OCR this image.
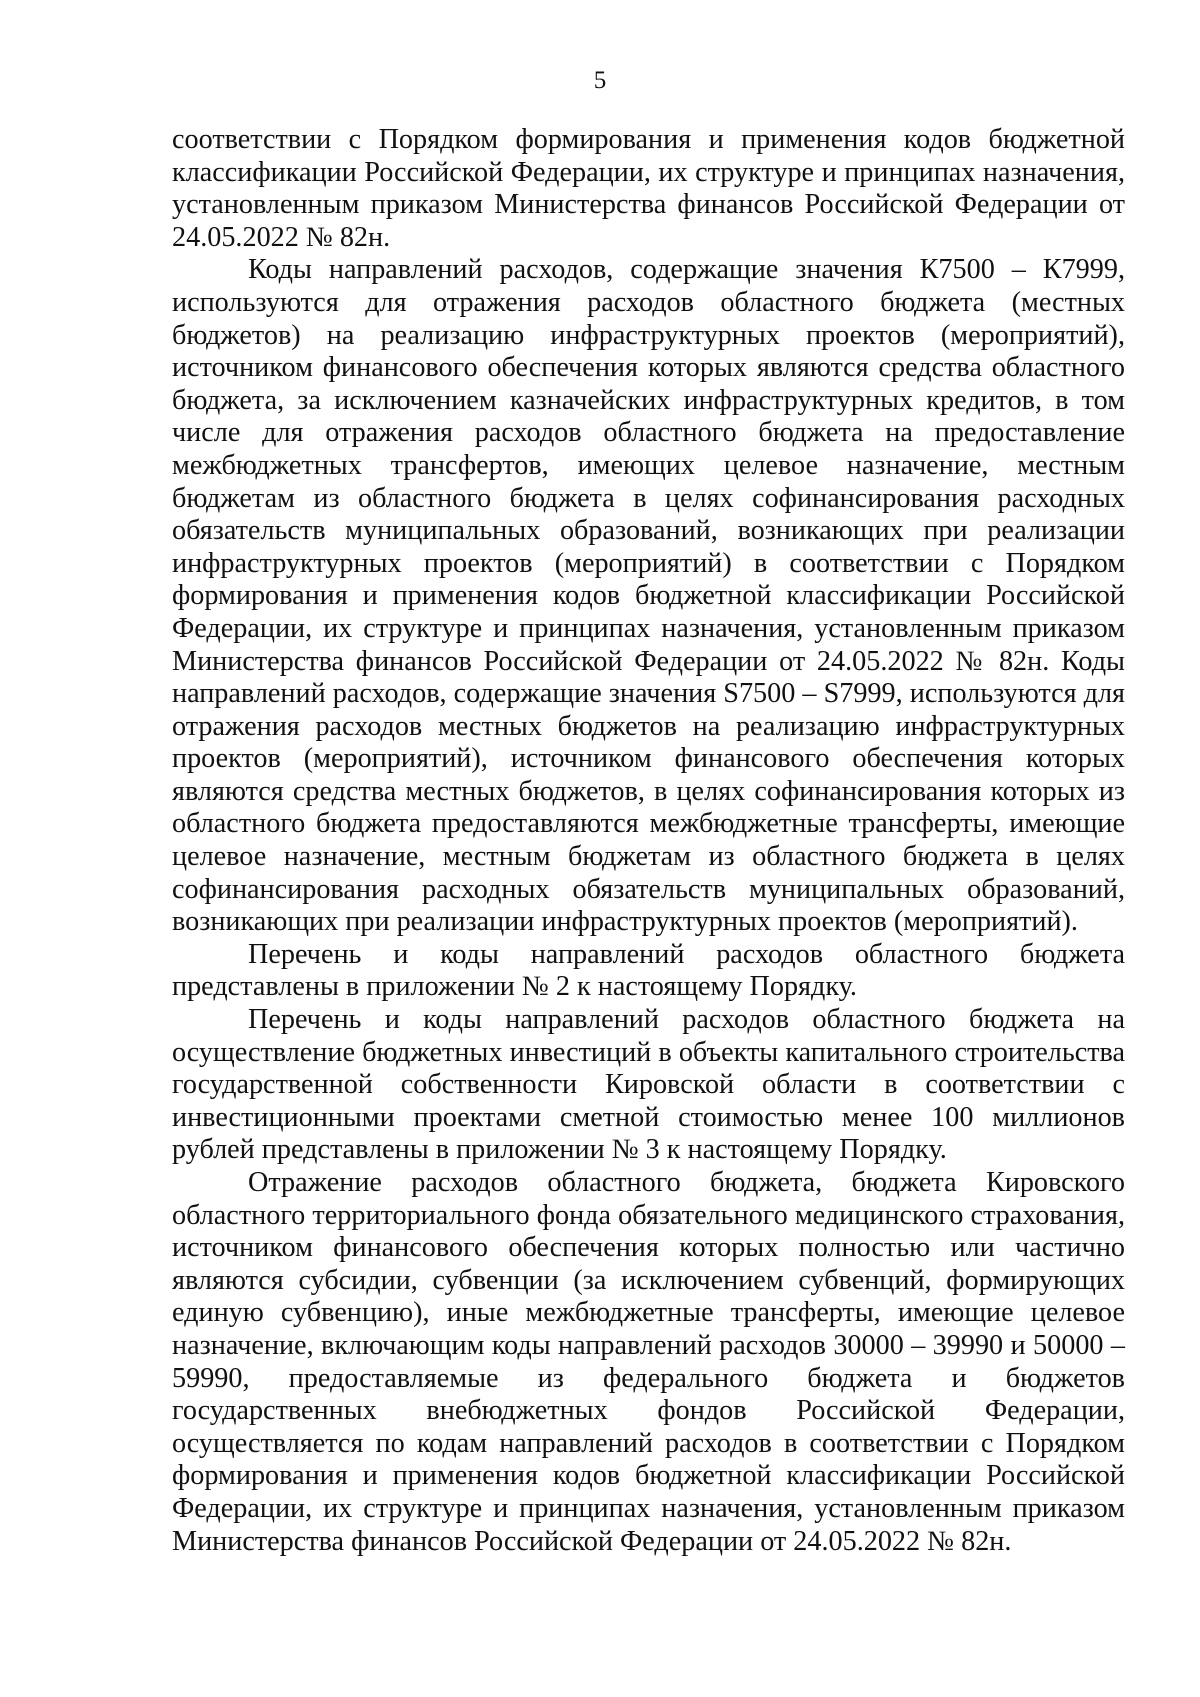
5

соответствии с Порядком формирования и применения кодов бюджетной классификации Российской Федерации, их структуре и принципах назначения, установленным приказом Министерства финансов Российской Федерации от 24.05.2022 № 82н.

Коды направлений расходов, содержащие значения К7500 – К7999, используются для отражения расходов областного бюджета (местных бюджетов) на реализацию инфраструктурных проектов (мероприятий), источником финансового обеспечения которых являются средства областного бюджета, за исключением казначейских инфраструктурных кредитов, в том числе для отражения расходов областного бюджета на предоставление межбюджетных трансфертов, имеющих целевое назначение, местным бюджетам из областного бюджета в целях софинансирования расходных обязательств муниципальных образований, возникающих при реализации инфраструктурных проектов (мероприятий) в соответствии с Порядком формирования и применения кодов бюджетной классификации Российской Федерации, их структуре и принципах назначения, установленным приказом Министерства финансов Российской Федерации от 24.05.2022 № 82н. Коды направлений расходов, содержащие значения S7500 – S7999, используются для отражения расходов местных бюджетов на реализацию инфраструктурных проектов (мероприятий), источником финансового обеспечения которых являются средства местных бюджетов, в целях софинансирования которых из областного бюджета предоставляются межбюджетные трансферты, имеющие целевое назначение, местным бюджетам из областного бюджета в целях софинансирования расходных обязательств муниципальных образований, возникающих при реализации инфраструктурных проектов (мероприятий).

Перечень и коды направлений расходов областного бюджета представлены в приложении № 2 к настоящему Порядку.

Перечень и коды направлений расходов областного бюджета на осуществление бюджетных инвестиций в объекты капитального строительства государственной собственности Кировской области в соответствии с инвестиционными проектами сметной стоимостью менее 100 миллионов рублей представлены в приложении № 3 к настоящему Порядку.

Отражение расходов областного бюджета, бюджета Кировского областного территориального фонда обязательного медицинского страхования, источником финансового обеспечения которых полностью или частично являются субсидии, субвенции (за исключением субвенций, формирующих единую субвенцию), иные межбюджетные трансферты, имеющие целевое назначение, включающим коды направлений расходов 30000 – 39990 и 50000 – 59990, предоставляемые из федерального бюджета и бюджетов государственных внебюджетных фондов Российской Федерации, осуществляется по кодам направлений расходов в соответствии с Порядком формирования и применения кодов бюджетной классификации Российской Федерации, их структуре и принципах назначения, установленным приказом Министерства финансов Российской Федерации от 24.05.2022 № 82н.
